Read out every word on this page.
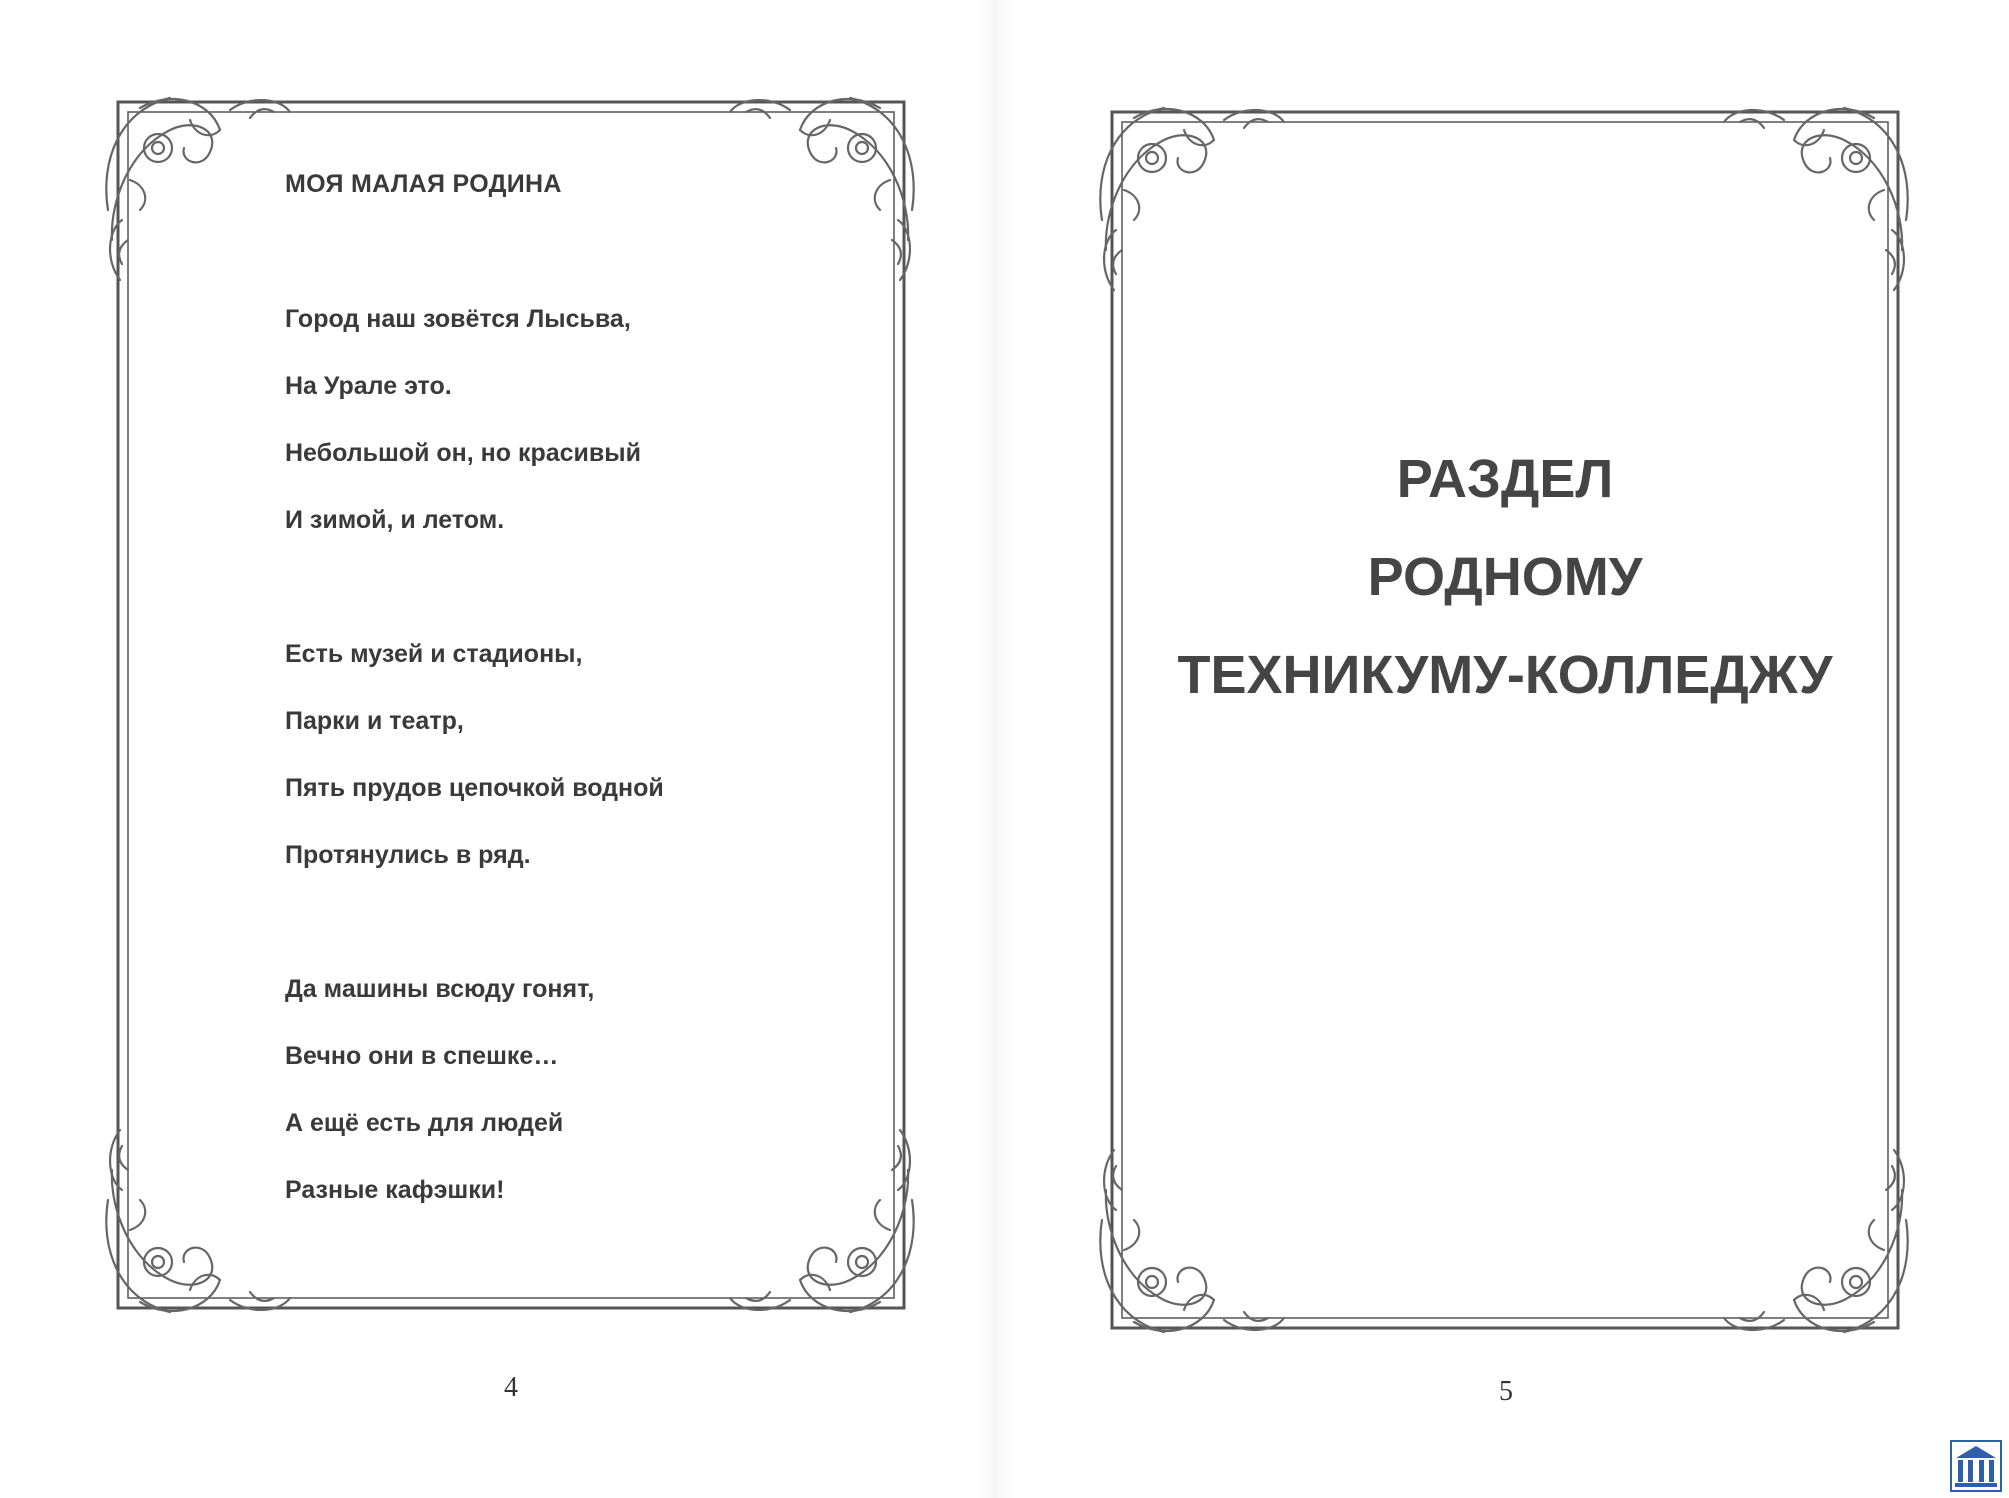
МОЯ МАЛАЯ РОДИНА
Город наш зовётся Лысьва,
На Урале это.
Небольшой он, но красивый
И зимой, и летом.
Есть музей и стадионы,
Парки и театр,
Пять прудов цепочкой водной
Протянулись в ряд.
Да машины всюду гонят,
Вечно они в спешке…
А ещё есть для людей
Разные кафэшки!
4
РАЗДЕЛ
РОДНОМУ
ТЕХНИКУМУ-КОЛЛЕДЖУ
5
